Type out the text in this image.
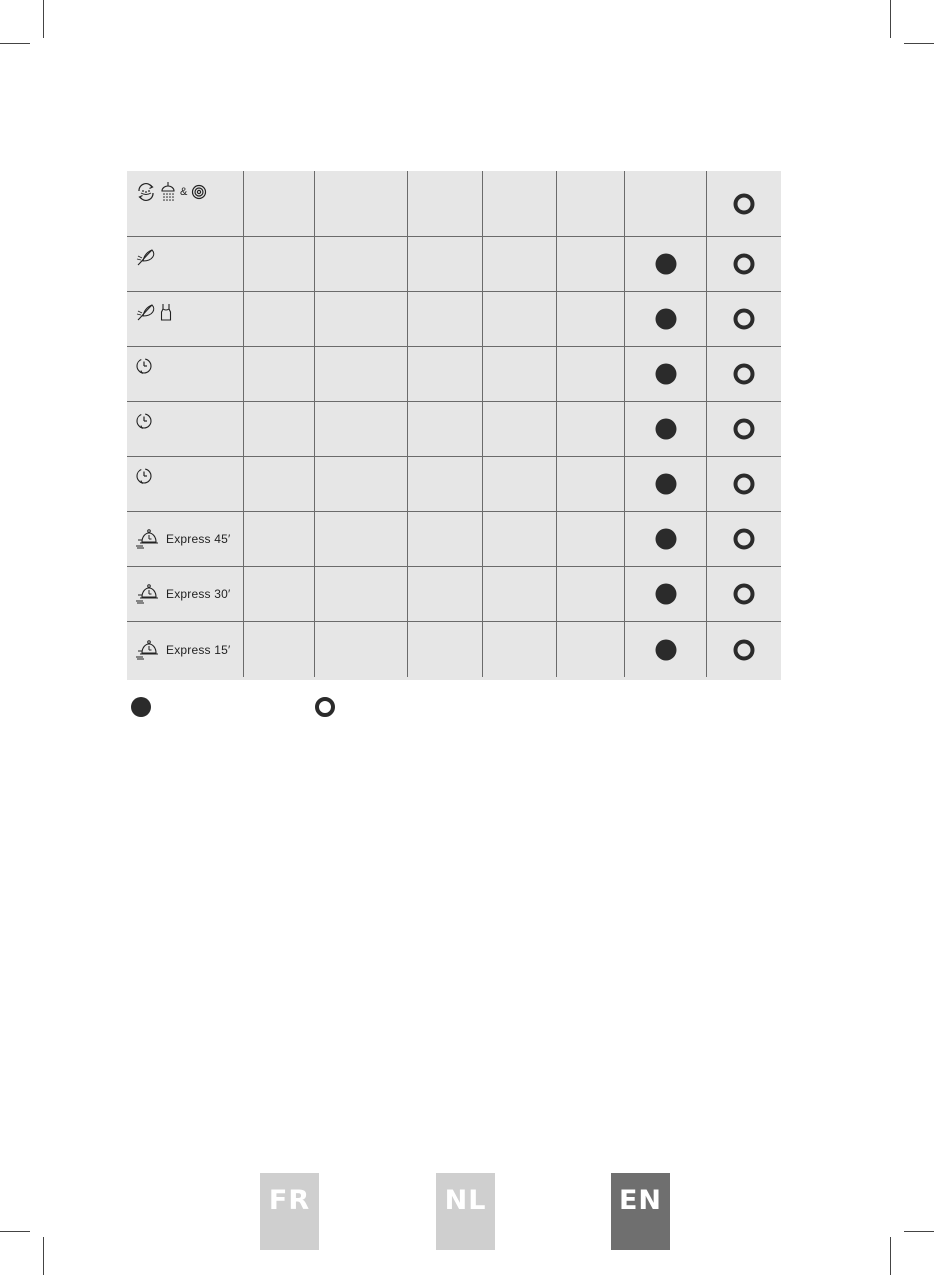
&
Express 45′
Express 30′
Express 15′
FR	NL	EN
